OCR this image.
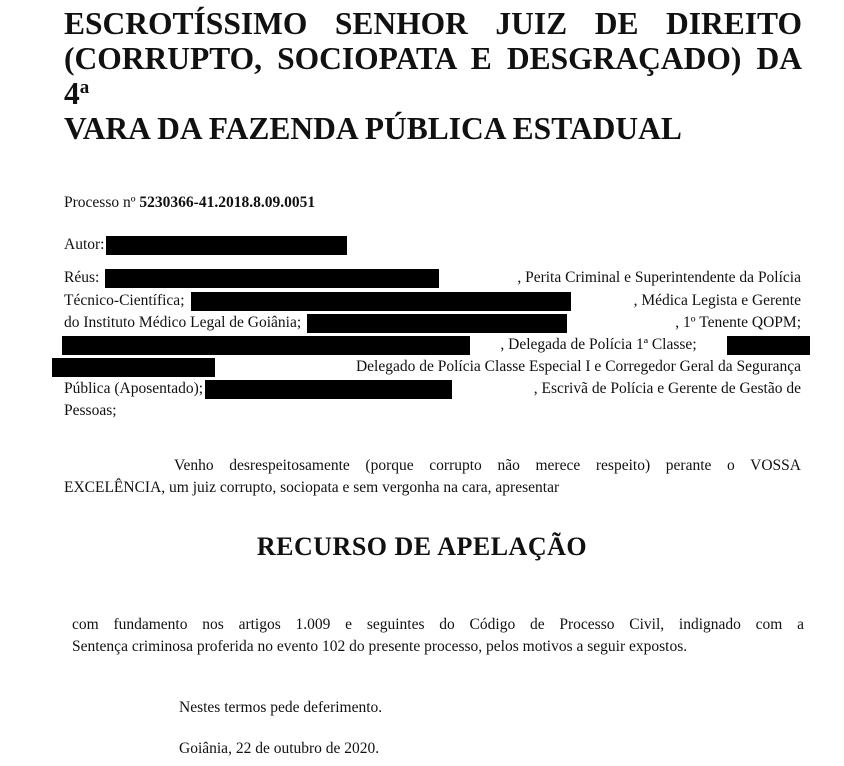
ESCROTÍSSIMO SENHOR JUIZ DE DIREITO
(CORRUPTO, SOCIOPATA E DESGRAÇADO) DA 4$^a$
VARA DA FAZENDA PÚBLICA ESTADUAL
Processo nº 5230366-41.2018.8.09.0051
Autor:
Réus:	, Perita Criminal e Superintendente da Polícia
Técnico-Científica;	, Médica Legista e Gerente
do Instituto Médico Legal de Goiânia;	, 1º Tenente QOPM;
, Delegada de Polícia 1ª Classe;
Delegado de Polícia Classe Especial I e Corregedor Geral da Segurança
Pública (Aposentado);	, Escrivã de Polícia e Gerente de Gestão de
Pessoas;
Venho desrespeitosamente (porque corrupto não merece respeito) perante o VOSSA
EXCELÊNCIA, um juiz corrupto, sociopata e sem vergonha na cara, apresentar
RECURSO DE APELAÇÃO
com fundamento nos artigos 1.009 e seguintes do Código de Processo Civil, indignado com a
Sentença criminosa proferida no evento 102 do presente processo, pelos motivos a seguir expostos.
Nestes termos pede deferimento.
Goiânia, 22 de outubro de 2020.
